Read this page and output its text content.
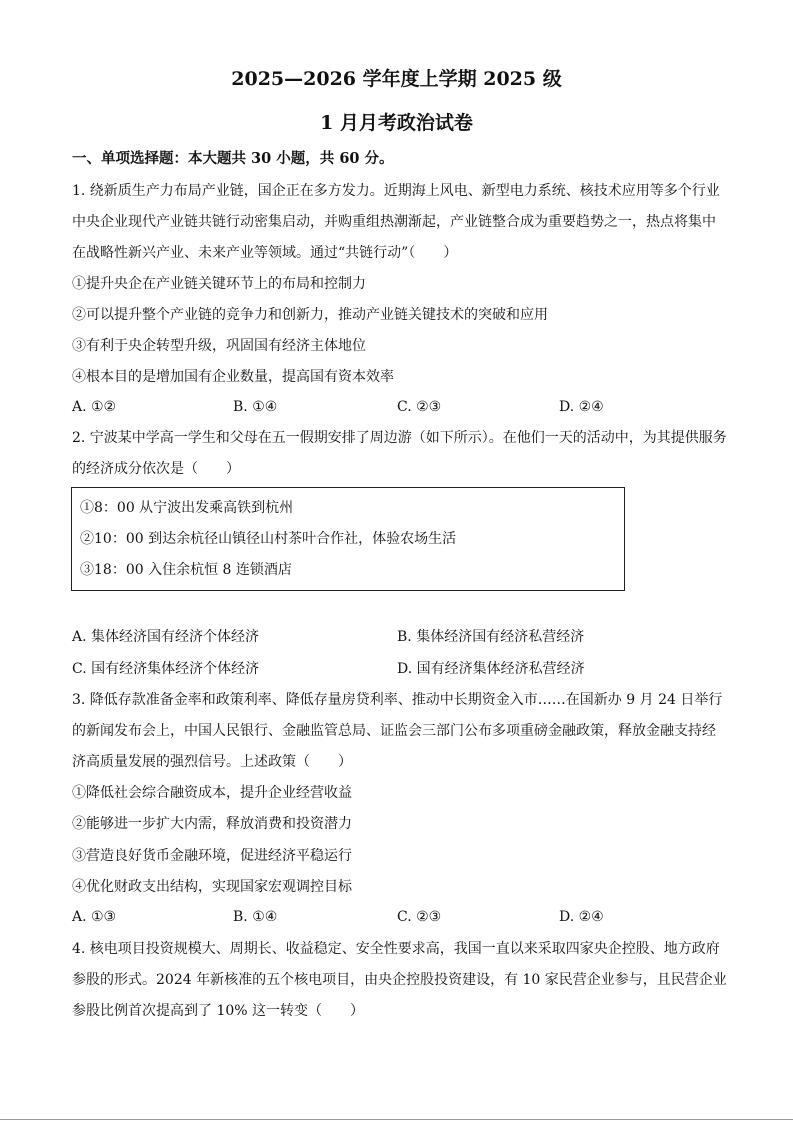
2025—2026 学年度上学期 2025 级
1 月月考政治试卷
一、单项选择题：本大题共 30 小题，共 60 分。
1. 绕新质生产力布局产业链，国企正在多方发力。近期海上风电、新型电力系统、核技术应用等多个行业
中央企业现代产业链共链行动密集启动，并购重组热潮渐起，产业链整合成为重要趋势之一，热点将集中
在战略性新兴产业、未来产业等领域。通过“共链行动”（　　）
①提升央企在产业链关键环节上的布局和控制力
②可以提升整个产业链的竞争力和创新力，推动产业链关键技术的突破和应用
③有利于央企转型升级，巩固国有经济主体地位
④根本目的是增加国有企业数量，提高国有资本效率
A. ①②	B. ①④	C. ②③	D. ②④
2. 宁波某中学高一学生和父母在五一假期安排了周边游（如下所示）。在他们一天的活动中，为其提供服务
的经济成分依次是（　　）
①8：00 从宁波出发乘高铁到杭州
②10：00 到达余杭径山镇径山村茶叶合作社，体验农场生活
③18：00 入住余杭恒 8 连锁酒店
A. 集体经济国有经济个体经济	B. 集体经济国有经济私营经济
C. 国有经济集体经济个体经济	D. 国有经济集体经济私营经济
3. 降低存款准备金率和政策利率、降低存量房贷利率、推动中长期资金入市……在国新办 9 月 24 日举行
的新闻发布会上，中国人民银行、金融监管总局、证监会三部门公布多项重磅金融政策，释放金融支持经
济高质量发展的强烈信号。上述政策（　　）
①降低社会综合融资成本，提升企业经营收益
②能够进一步扩大内需，释放消费和投资潜力
③营造良好货币金融环境，促进经济平稳运行
④优化财政支出结构，实现国家宏观调控目标
A. ①③	B. ①④	C. ②③	D. ②④
4. 核电项目投资规模大、周期长、收益稳定、安全性要求高，我国一直以来采取四家央企控股、地方政府
参股的形式。2024 年新核准的五个核电项目，由央企控股投资建设，有 10 家民营企业参与，且民营企业
参股比例首次提高到了 10% 这一转变（　　）
